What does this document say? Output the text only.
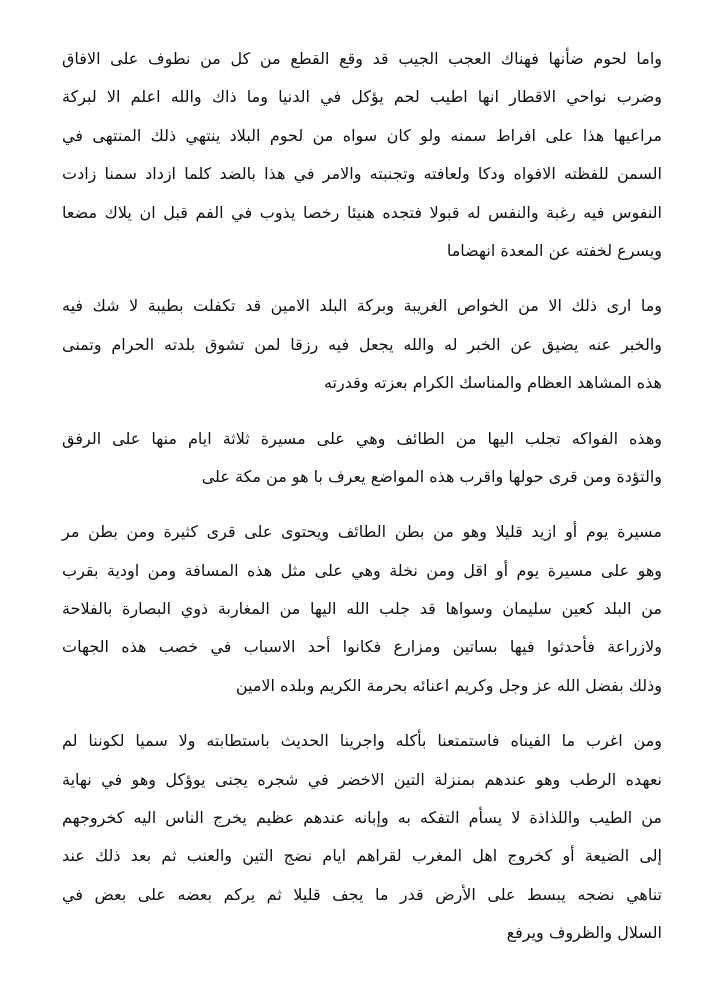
واما لحوم ضأنها فهناك العجب الجيب قد وقع القطع من كل من نطوف على الافاق
وضرب نواحي الاقطار انها اطيب لحم يؤكل في الدنيا وما ذاك والله اعلم الا لبركة
مراعيها هذا على افراط سمنه ولو كان سواه من لحوم البلاد ينتهي ذلك المنتهى في
السمن للفظته الافواه ودكا ولعافته وتجنبته والامر في هذا بالضد كلما ازداد سمنا زادت
النفوس فيه رغبة والنفس له قبولا فتجده هنيئا رخصا يذوب في الفم قبل ان يلاك مضعا
ويسرع لخفته عن المعدة انهضاما
وما ارى ذلك الا من الخواص الغريبة وبركة البلد الامين قد تكفلت بطيبة لا شك فيه
والخبر عنه يضيق عن الخبر له والله يجعل فيه رزقا لمن تشوق بلدته الحرام وتمنى
هذه المشاهد العظام والمناسك الكرام بعزته وقدرته
وهذه الفواكه تجلب اليها من الطائف وهي على مسيرة ثلاثة ايام منها على الرفق
والتؤدة ومن قرى حولها واقرب هذه المواضع يعرف با هو من مكة على
مسيرة يوم أو ازيد قليلا وهو من بطن الطائف ويحتوى على قرى كثيرة ومن بطن مر
وهو على مسيرة يوم أو اقل ومن نخلة وهي على مثل هذه المسافة ومن اودية بقرب
من البلد كعين سليمان وسواها قد جلب الله اليها من المغاربة ذوي البصارة بالفلاحة
ولازراعة فأحدثوا فيها بساتين ومزارع فكانوا أحد الاسباب في خصب هذه الجهات
وذلك بفضل الله عز وجل وكريم اعنائه بحرمة الكريم وبلده الامين
ومن اغرب ما الفيناه فاستمتعنا بأكله واجرينا الحديث باستطابته ولا سميا لكوننا لم
نعهده الرطب وهو عندهم بمنزلة التين الاخضر في شجره يجنى يوؤكل وهو في نهاية
من الطيب واللذاذة لا يسأم التفكه به وإبانه عندهم عظيم يخرج الناس اليه كخروجهم
إلى الضيعة أو كخروج اهل المغرب لقراهم ايام نضج التين والعنب ثم بعد ذلك عند
تناهي نضجه يبسط على الأرض قدر ما يجف قليلا ثم يركم بعضه على بعض في
السلال والظروف ويرفع
